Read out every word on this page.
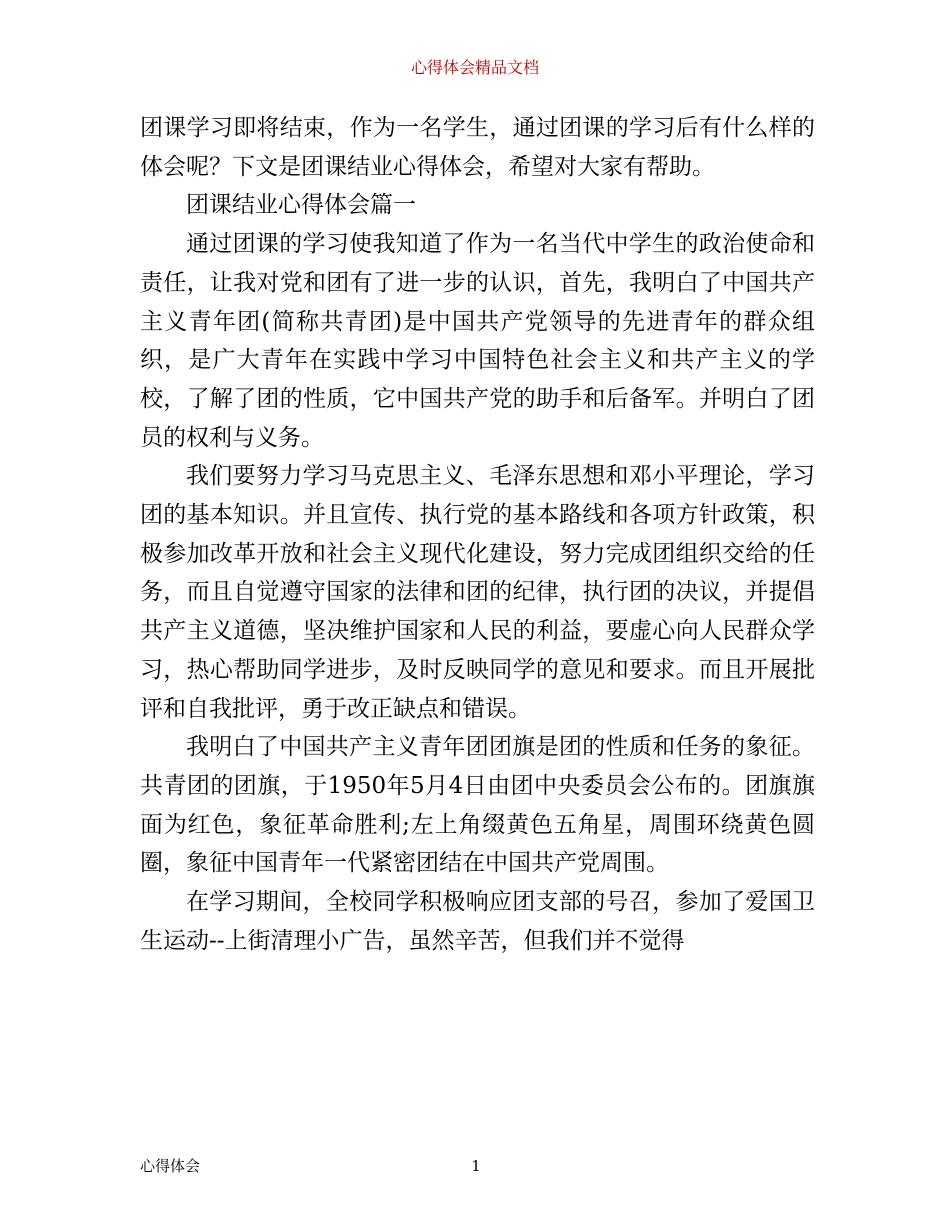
心得体会精品文档

团课学习即将结束，作为一名学生，通过团课的学习后有什么样的体会呢？下文是团课结业心得体会，希望对大家有帮助。

团课结业心得体会篇一

通过团课的学习使我知道了作为一名当代中学生的政治使命和责任，让我对党和团有了进一步的认识，首先，我明白了中国共产主义青年团(简称共青团)是中国共产党领导的先进青年的群众组织，是广大青年在实践中学习中国特色社会主义和共产主义的学校，了解了团的性质，它中国共产党的助手和后备军。并明白了团员的权利与义务。

我们要努力学习马克思主义、毛泽东思想和邓小平理论，学习团的基本知识。并且宣传、执行党的基本路线和各项方针政策，积极参加改革开放和社会主义现代化建设，努力完成团组织交给的任务，而且自觉遵守国家的法律和团的纪律，执行团的决议，并提倡共产主义道德，坚决维护国家和人民的利益，要虚心向人民群众学习，热心帮助同学进步，及时反映同学的意见和要求。而且开展批评和自我批评，勇于改正缺点和错误。

我明白了中国共产主义青年团团旗是团的性质和任务的象征。共青团的团旗，于1950年5月4日由团中央委员会公布的。团旗旗面为红色，象征革命胜利;左上角缀黄色五角星，周围环绕黄色圆圈，象征中国青年一代紧密团结在中国共产党周围。

在学习期间，全校同学积极响应团支部的号召，参加了爱国卫生运动--上街清理小广告，虽然辛苦，但我们并不觉得

心得体会	1
